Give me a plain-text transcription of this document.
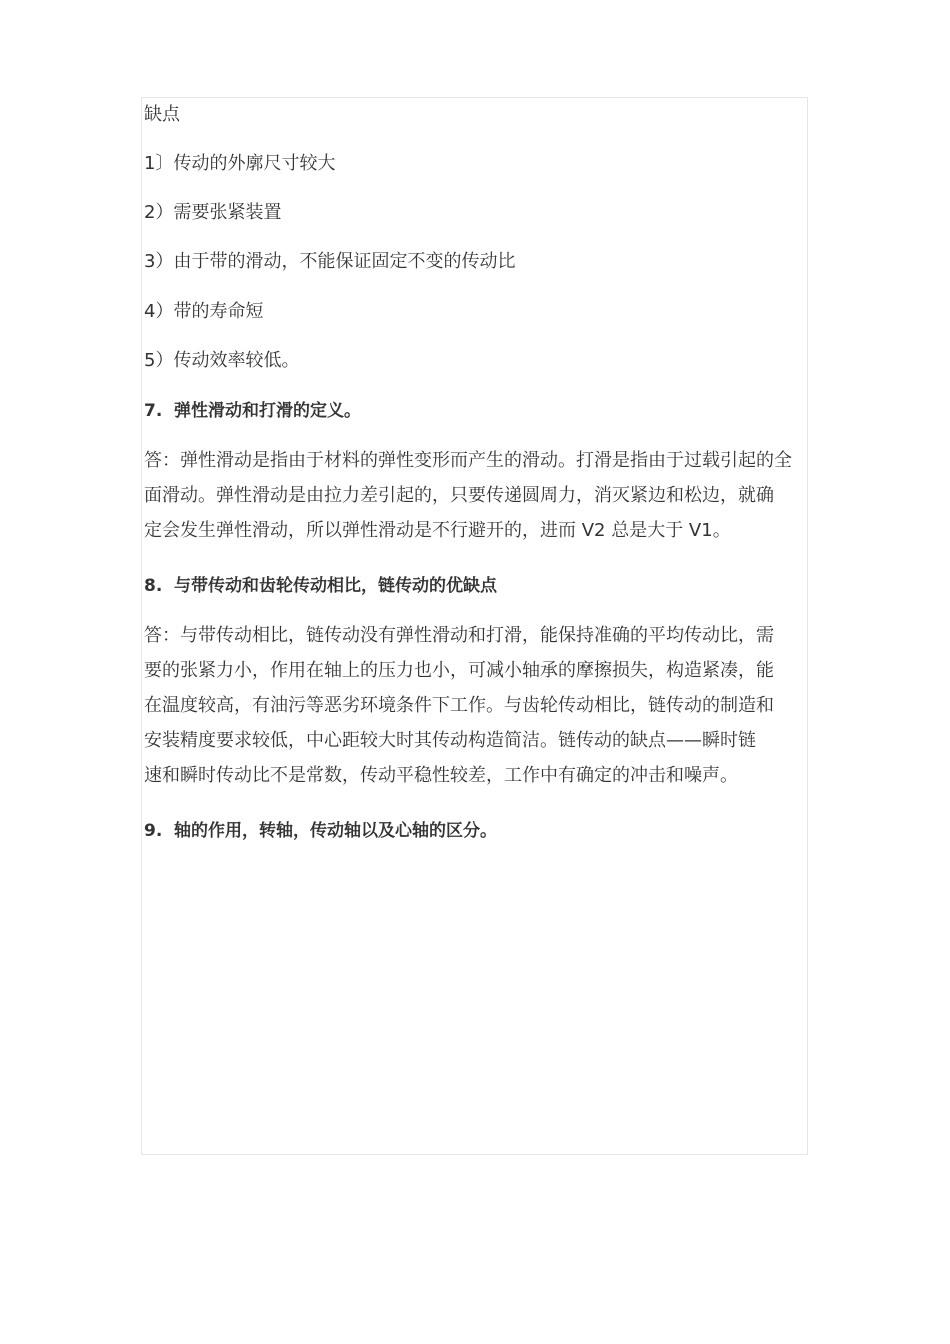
缺点
1〕传动的外廓尺寸较大
2）需要张紧装置
3）由于带的滑动，不能保证固定不变的传动比
4）带的寿命短
5）传动效率较低。
7. 弹性滑动和打滑的定义。
答：弹性滑动是指由于材料的弹性变形而产生的滑动。打滑是指由于过载引起的全
面滑动。弹性滑动是由拉力差引起的，只要传递圆周力，消灭紧边和松边，就确
定会发生弹性滑动，所以弹性滑动是不行避开的，进而 V2 总是大于 V1。
8. 与带传动和齿轮传动相比，链传动的优缺点
答：与带传动相比，链传动没有弹性滑动和打滑，能保持准确的平均传动比，需
要的张紧力小，作用在轴上的压力也小，可减小轴承的摩擦损失，构造紧凑，能
在温度较高，有油污等恶劣环境条件下工作。与齿轮传动相比，链传动的制造和
安装精度要求较低，中心距较大时其传动构造简洁。链传动的缺点——瞬时链
速和瞬时传动比不是常数，传动平稳性较差，工作中有确定的冲击和噪声。
9. 轴的作用，转轴，传动轴以及心轴的区分。
